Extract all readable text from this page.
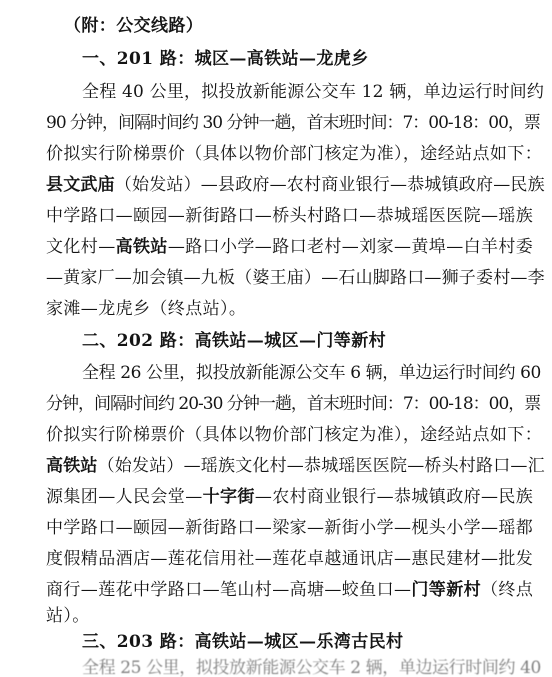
（附：公交线路）
一、201 路：城区—高铁站—龙虎乡
全程 40 公里，拟投放新能源公交车 12 辆，单边运行时间约
90 分钟，间隔时间约 30 分钟一趟，首末班时间：7：00-18：00，票
价拟实行阶梯票价（具体以物价部门核定为准），途经站点如下：
县文武庙（始发站）—县政府—农村商业银行—恭城镇政府—民族
中学路口—颐园—新街路口—桥头村路口—恭城瑶医医院—瑶族
文化村—高铁站—路口小学—路口老村—刘家—黄埠—白羊村委
—黄家厂—加会镇—九板（婆王庙）—石山脚路口—狮子委村—李
家滩—龙虎乡（终点站）。
二、202 路：高铁站—城区—门等新村
全程 26 公里，拟投放新能源公交车 6 辆，单边运行时间约 60
分钟，间隔时间约 20-30 分钟一趟，首末班时间：7：00-18：00，票
价拟实行阶梯票价（具体以物价部门核定为准），途经站点如下：
高铁站（始发站）—瑶族文化村—恭城瑶医医院—桥头村路口—汇
源集团—人民会堂—十字街—农村商业银行—恭城镇政府—民族
中学路口—颐园—新街路口—梁家—新街小学—枧头小学—瑶都
度假精品酒店—莲花信用社—莲花卓越通讯店—惠民建材—批发
商行—莲花中学路口—笔山村—高塘—蛟鱼口—门等新村（终点
站）。
三、203 路：高铁站—城区—乐湾古民村
全程 25 公里，拟投放新能源公交车 2 辆，单边运行时间约 40
